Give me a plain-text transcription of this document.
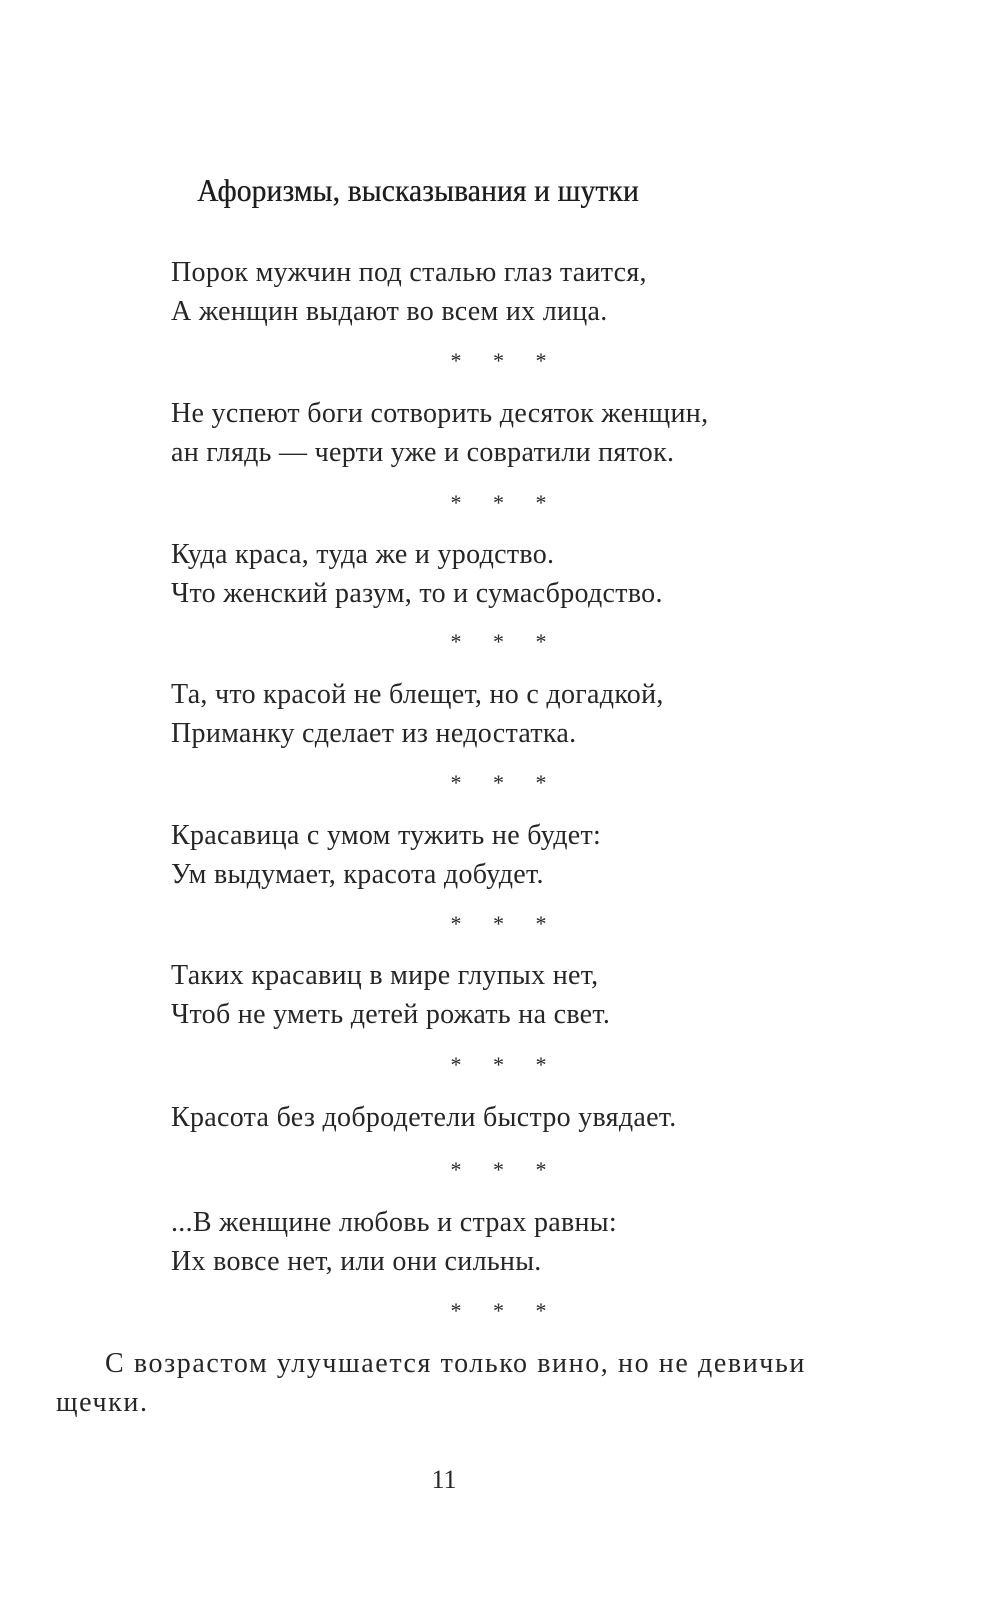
Афоризмы, высказывания и шутки
Порок мужчин под сталью глаз таится,
А женщин выдают во всем их лица.
* * *
Не успеют боги сотворить десяток женщин,
ан глядь — черти уже и совратили пяток.
* * *
Куда краса, туда же и уродство.
Что женский разум, то и сумасбродство.
* * *
Та, что красой не блещет, но с догадкой,
Приманку сделает из недостатка.
* * *
Красавица с умом тужить не будет:
Ум выдумает, красота добудет.
* * *
Таких красавиц в мире глупых нет,
Чтоб не уметь детей рожать на свет.
* * *
Красота без добродетели быстро увядает.
* * *
...В женщине любовь и страх равны:
Их вовсе нет, или они сильны.
* * *
С возрастом улучшается только вино, но не девичьи
щечки.
11
